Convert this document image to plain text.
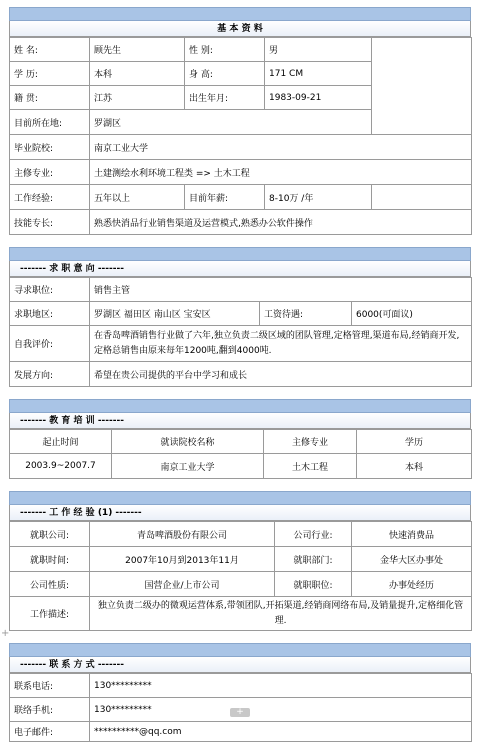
基 本 资 料
姓 名:	顾先生	性 别:	男	
学 历:	本科	身 高:	171 CM	
籍 贯:	江苏	出生年月:	1983-09-21	
目前所在地:	罗湖区			
毕业院校:	南京工业大学			
主修专业:	土建测绘水利环境工程类 => 土木工程			
工作经验:	五年以上	目前年薪:	8-10万 /年	
技能专长:	熟悉快消品行业销售渠道及运营模式,熟悉办公软件操作			
------- 求 职 意 向 -------
寻求职位:	销售主管		
求职地区:	罗湖区 福田区 南山区 宝安区	工资待遇:	6000(可面议)
自我评价:	在香岛啤酒销售行业做了六年,独立负责二级区域的团队管理,定格管理,渠道布局,经销商开发,定格总销售由原来每年1200吨,翻到4000吨.		
发展方向:	希望在贵公司提供的平台中学习和成长		
------- 教 育 培 训 -------
起止时间	就读院校名称	主修专业	学历
2003.9~2007.7	南京工业大学	土木工程	本科
------- 工 作 经 验 (1) -------
就职公司:	青岛啤酒股份有限公司	公司行业:	快速消费品
就职时间:	2007年10月到2013年11月	就职部门:	金华大区办事处
公司性质:	国营企业/上市公司	就职职位:	办事处经历
工作描述:	独立负责二级办的微观运营体系,带领团队,开拓渠道,经销商网络布局,及销量提升,定格细化管理.		
------- 联 系 方 式 -------
联系电话:	130*********
联络手机:	130*********
电子邮件:	**********@qq.com
+
+
